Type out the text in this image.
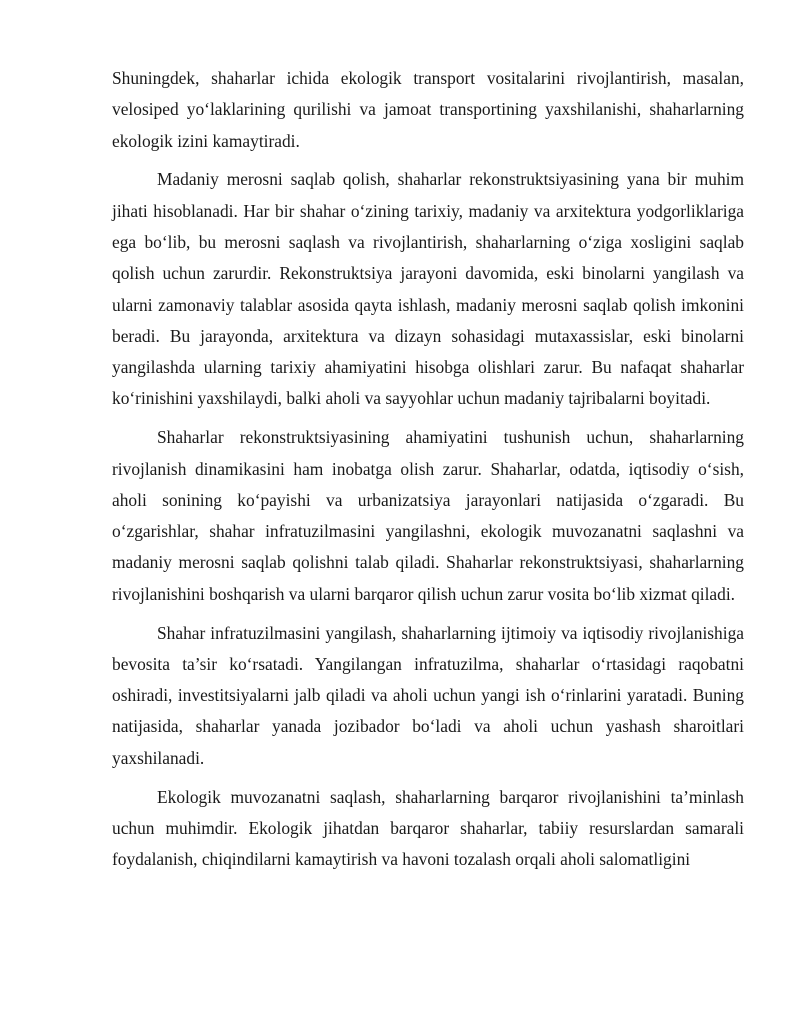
Shuningdek, shaharlar ichida ekologik transport vositalarini rivojlantirish, masalan, velosiped yo‘laklarining qurilishi va jamoat transportining yaxshilanishi, shaharlarning ekologik izini kamaytiradi.

Madaniy merosni saqlab qolish, shaharlar rekonstruktsiyasining yana bir muhim jihati hisoblanadi. Har bir shahar o‘zining tarixiy, madaniy va arxitektura yodgorliklariga ega bo‘lib, bu merosni saqlash va rivojlantirish, shaharlarning o‘ziga xosligini saqlab qolish uchun zarurdir. Rekonstruktsiya jarayoni davomida, eski binolarni yangilash va ularni zamonaviy talablar asosida qayta ishlash, madaniy merosni saqlab qolish imkonini beradi. Bu jarayonda, arxitektura va dizayn sohasidagi mutaxassislar, eski binolarni yangilashda ularning tarixiy ahamiyatini hisobga olishlari zarur. Bu nafaqat shaharlar ko‘rinishini yaxshilaydi, balki aholi va sayyohlar uchun madaniy tajribalarni boyitadi.

Shaharlar rekonstruktsiyasining ahamiyatini tushunish uchun, shaharlarning rivojlanish dinamikasini ham inobatga olish zarur. Shaharlar, odatda, iqtisodiy o‘sish, aholi sonining ko‘payishi va urbanizatsiya jarayonlari natijasida o‘zgaradi. Bu o‘zgarishlar, shahar infratuzilmasini yangilashni, ekologik muvozanatni saqlashni va madaniy merosni saqlab qolishni talab qiladi. Shaharlar rekonstruktsiyasi, shaharlarning rivojlanishini boshqarish va ularni barqaror qilish uchun zarur vosita bo‘lib xizmat qiladi.

Shahar infratuzilmasini yangilash, shaharlarning ijtimoiy va iqtisodiy rivojlanishiga bevosita ta’sir ko‘rsatadi. Yangilangan infratuzilma, shaharlar o‘rtasidagi raqobatni oshiradi, investitsiyalarni jalb qiladi va aholi uchun yangi ish o‘rinlarini yaratadi. Buning natijasida, shaharlar yanada jozibador bo‘ladi va aholi uchun yashash sharoitlari yaxshilanadi.

Ekologik muvozanatni saqlash, shaharlarning barqaror rivojlanishini ta’minlash uchun muhimdir. Ekologik jihatdan barqaror shaharlar, tabiiy resurslardan samarali foydalanish, chiqindilarni kamaytirish va havoni tozalash orqali aholi salomatligini
